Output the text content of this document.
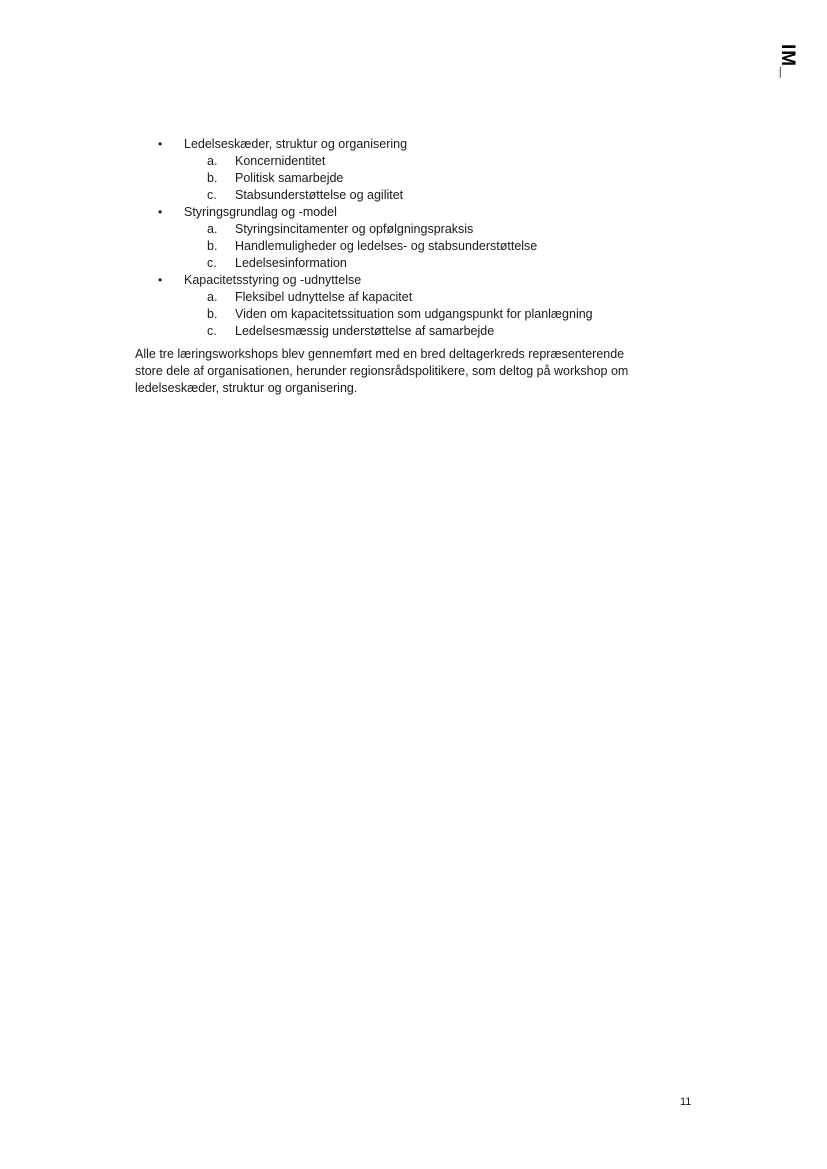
IM_
• Ledelseskæder, struktur og organisering
a.	Koncernidentitet
b.	Politisk samarbejde
c.	Stabsunderstøttelse og agilitet
• Styringsgrundlag og -model
a.	Styringsincitamenter og opfølgningspraksis
b.	Handlemuligheder og ledelses- og stabsunderstøttelse
c.	Ledelsesinformation
• Kapacitetsstyring og -udnyttelse
a.	Fleksibel udnyttelse af kapacitet
b.	Viden om kapacitetssituation som udgangspunkt for planlægning
c.	Ledelsesmæssig understøttelse af samarbejde

Alle tre læringsworkshops blev gennemført med en bred deltagerkreds repræsenterende
store dele af organisationen, herunder regionsrådspolitikere, som deltog på workshop om
ledelseskæder, struktur og organisering.

11
